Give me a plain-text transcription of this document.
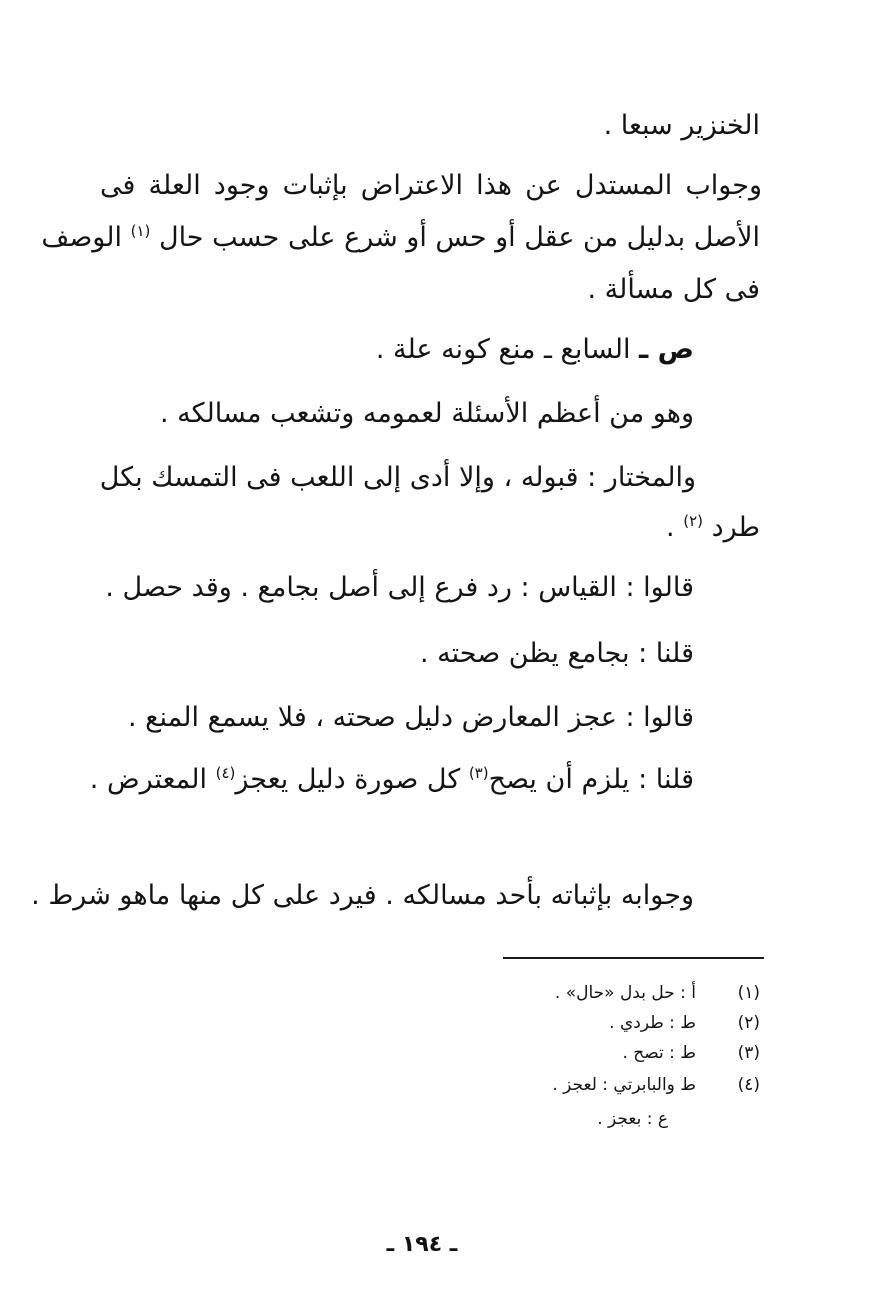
الخنزير سبعا .
وجواب المستدل عن هذا الاعتراض بإثبات وجود العلة فى
الأصل بدليل من عقل أو حس أو شرع على حسب حال $^{(١)}$ الوصف
فى كل مسألة .
ص ـ السابع ـ منع كونه علة .
وهو من أعظم الأسئلة لعمومه وتشعب مسالكه .
والمختار : قبوله ، وإلا أدى إلى اللعب فى التمسك بكل
طرد $^{(٢)}$ .
قالوا : القياس : رد فرع إلى أصل بجامع . وقد حصل .
قلنا : بجامع يظن صحته .
قالوا : عجز المعارض دليل صحته ، فلا يسمع المنع .
قلنا : يلزم أن يصح$^{(٣)}$ كل صورة دليل يعجز$^{(٤)}$ المعترض .
وجوابه بإثباته بأحد مسالكه . فيرد على كل منها ماهو شرط .
(١)
أ : حل بدل «حال» .
(٢)
ط : طردي .
(٣)
ط : تصح .
(٤)
ط والبابرتي : لعجز .
ع : بعجز .
ـ ١٩٤ ـ
